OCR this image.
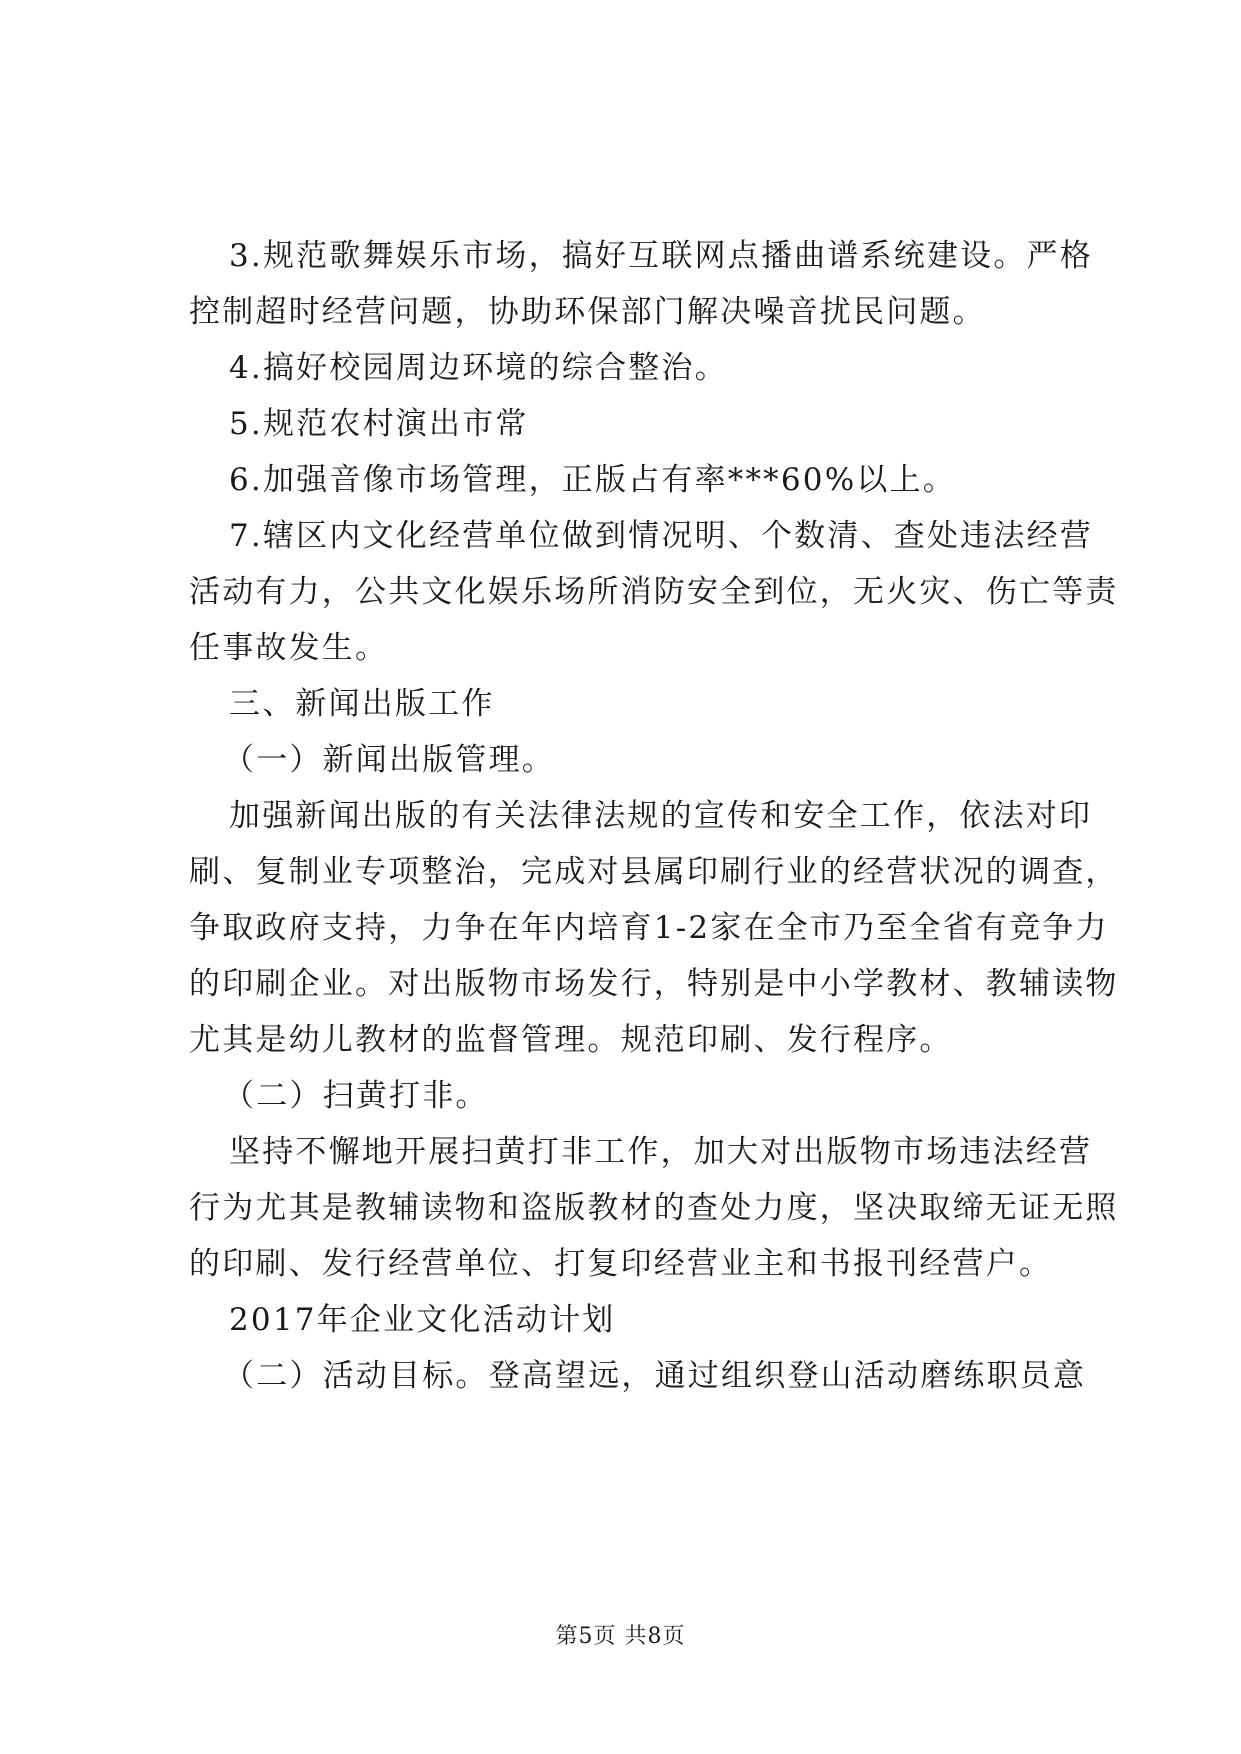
3.规范歌舞娱乐市场，搞好互联网点播曲谱系统建设。严格
控制超时经营问题，协助环保部门解决噪音扰民问题。
4.搞好校园周边环境的综合整治。
5.规范农村演出市常
6.加强音像市场管理，正版占有率***60%以上。
7.辖区内文化经营单位做到情况明、个数清、查处违法经营
活动有力，公共文化娱乐场所消防安全到位，无火灾、伤亡等责
任事故发生。
三、新闻出版工作
（一）新闻出版管理。
加强新闻出版的有关法律法规的宣传和安全工作，依法对印
刷、复制业专项整治，完成对县属印刷行业的经营状况的调查，
争取政府支持，力争在年内培育1-2家在全市乃至全省有竞争力
的印刷企业。对出版物市场发行，特别是中小学教材、教辅读物
尤其是幼儿教材的监督管理。规范印刷、发行程序。
（二）扫黄打非。
坚持不懈地开展扫黄打非工作，加大对出版物市场违法经营
行为尤其是教辅读物和盗版教材的查处力度，坚决取缔无证无照
的印刷、发行经营单位、打复印经营业主和书报刊经营户。
2017年企业文化活动计划
（二）活动目标。登高望远，通过组织登山活动磨练职员意
第5页 共8页
